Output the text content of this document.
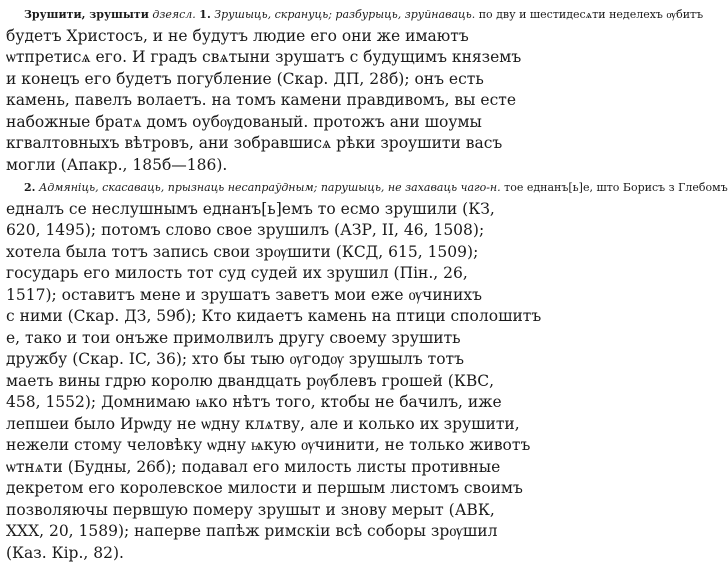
Зрушити, зрушыти дзеясл. 1. Зрушыць, скрануць; разбурыць, зруйнаваць. по дву и шестидесѧти неделехъ ѹбитъ
будетъ Христосъ, и не будутъ людие его они же имаютъ
ѡтпретисѧ его. И градъ свѧтыни зрушатъ с будущимъ княземъ
и конецъ его будетъ погубление (Скар. ДП, 28б); онъ есть
камень, павелъ волаетъ. на томъ камени правдивомъ, вы есте
набожные братѧ домъ оубѹдованый. протожъ ани шоумы
кгвалтовныхъ вѣтровъ, ани зобравшисѧ рѣки зроушити васъ
могли (Апакр., 185б—186).

2. Адмяніць, скасаваць, прызнаць несапраўдным; парушыць, не захаваць чаго-н. тое еднанъ[ь]е, што Борисъ з Глебомъ
едналъ се неслушнымъ еднанъ[ь]емъ то есмо зрушили (КЗ,
620, 1495); потомъ слово свое зрушилъ (АЗР, II, 46, 1508);
хотела была тотъ запись свои зрѹшити (КСД, 615, 1509);
государь его милость тот суд судей их зрушил (Пін., 26,
1517); оставитъ мене и зрушатъ заветъ мои еже ѹчинихъ
с ними (Скар. ДЗ, 59б); Кто кидаетъ камень на птици сполошитъ
е, тако и тои онъже примолвилъ другу своему зрушить
дружбу (Скар. IC, 36); хто бы тыю ѹгодѹ зрушылъ тотъ
маеть вины гдрю королю двандцать рѹблевъ грошей (КВС,
458, 1552); Домнимаю ѩко нѣтъ того, ктобы не бачилъ, иже
лепшеи было Ирѡду не ѡдну клѧтву, але и колько их зрушити,
нежели стому человѣку ѡдну ѩкую ѹчинити, не только животъ
ѡтнѧти (Будны, 26б); подавал его милость листы противные
декретом его королевское милости и першым листомъ своимъ
позволяючы первшую померу зрушыт и знову мерыт (АВК,
XXX, 20, 1589); наперве папѣж римскіи всѣ соборы зрѹшил
(Каз. Кір., 82).
